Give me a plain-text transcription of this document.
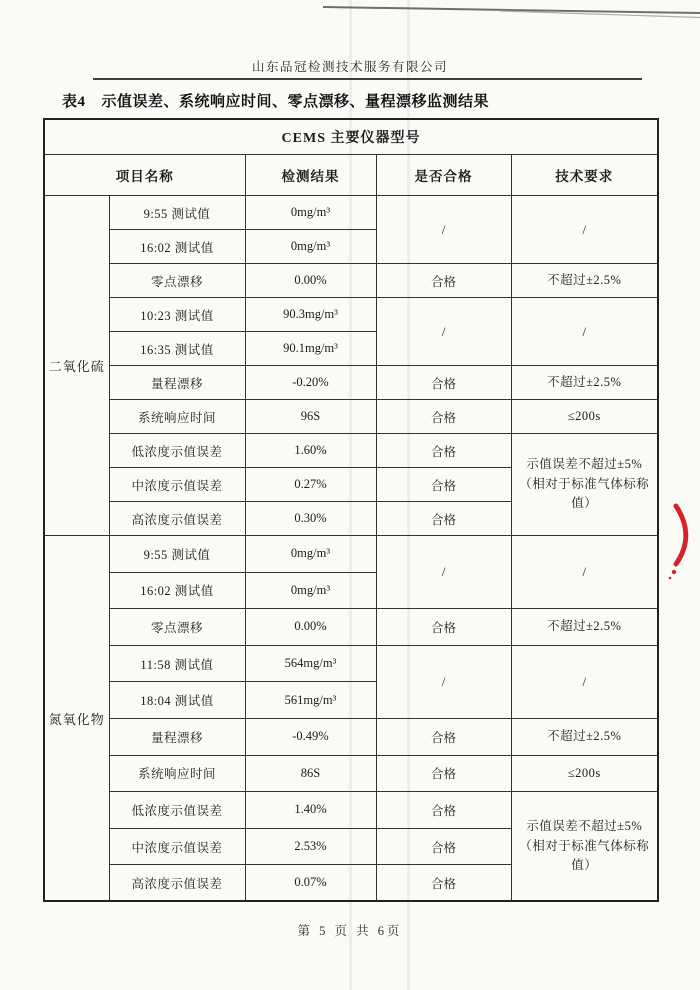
山东品冠检测技术服务有限公司
表4 示值误差、系统响应时间、零点漂移、量程漂移监测结果
CEMS 主要仪器型号				
项目名称		检测结果	是否合格	技术要求
二氧化硫	9:55 测试值	0mg/m³	/	/
	16:02 测试值	0mg/m³		
	零点漂移	0.00%	合格	不超过±2.5%
	10:23 测试值	90.3mg/m³	/	/
	16:35 测试值	90.1mg/m³		
	量程漂移	-0.20%	合格	不超过±2.5%
	系统响应时间	96S	合格	≤200s
	低浓度示值误差	1.60%	合格	示值误差不超过±5%（相对于标准气体标称值）
	中浓度示值误差	0.27%	合格	
	高浓度示值误差	0.30%	合格	
氮氧化物	9:55 测试值	0mg/m³	/	/
	16:02 测试值	0mg/m³		
	零点漂移	0.00%	合格	不超过±2.5%
	11:58 测试值	564mg/m³	/	/
	18:04 测试值	561mg/m³		
	量程漂移	-0.49%	合格	不超过±2.5%
	系统响应时间	86S	合格	≤200s
	低浓度示值误差	1.40%	合格	示值误差不超过±5%（相对于标准气体标称值）
	中浓度示值误差	2.53%	合格	
	高浓度示值误差	0.07%	合格	
第 5 页 共 6页
